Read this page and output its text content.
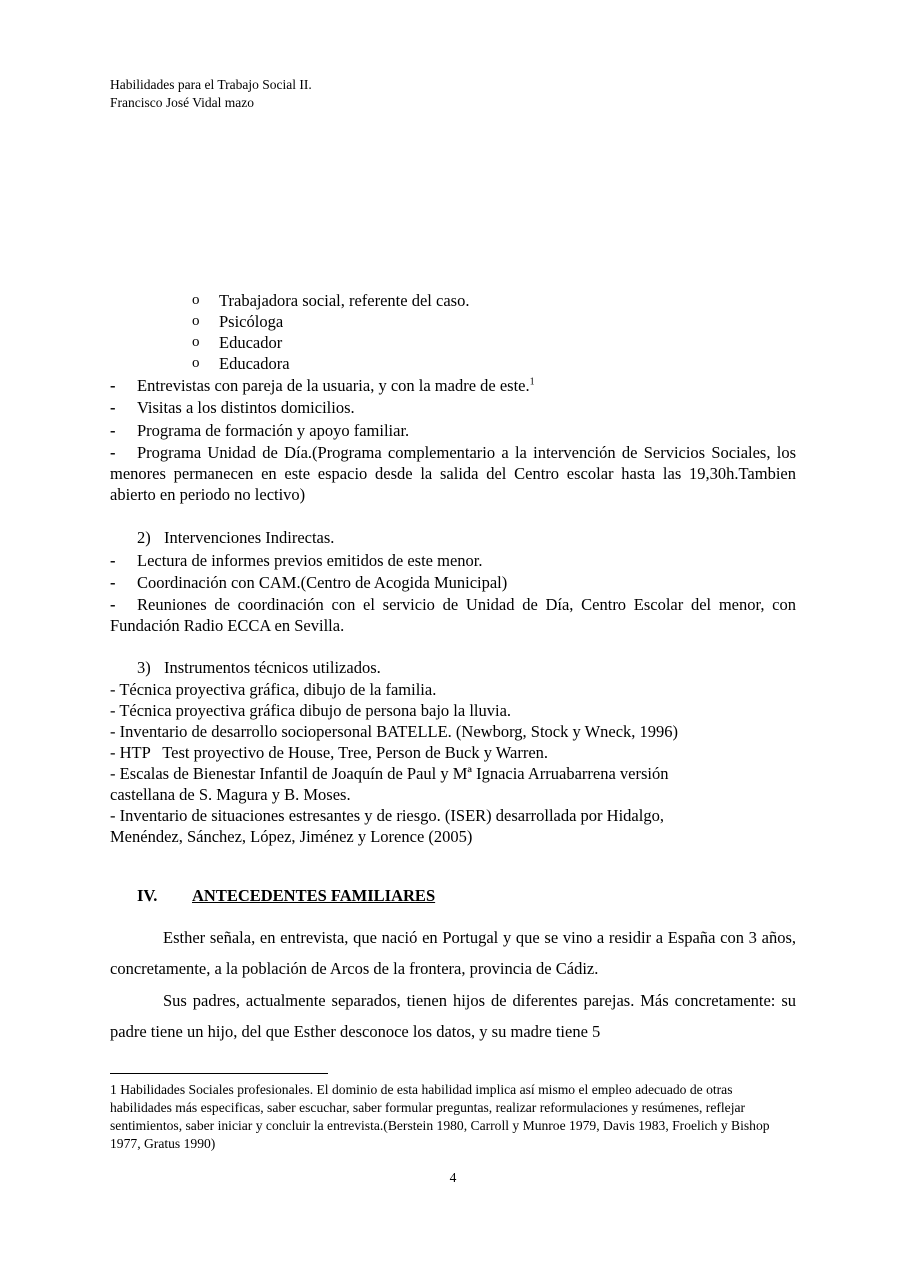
Habilidades para el Trabajo Social II.
Francisco José Vidal mazo
o	Trabajadora social, referente del caso.
o	Psicóloga
o	Educador
o	Educadora
- Entrevistas con pareja de la usuaria, y con la madre de este.$^1$
- Visitas a los distintos domicilios.
- Programa de formación y apoyo familiar.
- Programa Unidad de Día.(Programa complementario a la intervención de Servicios Sociales, los menores permanecen en este espacio desde la salida del Centro escolar hasta las 19,30h.Tambien abierto en periodo no lectivo)
2) Intervenciones Indirectas.
- Lectura de informes previos emitidos de este menor.
- Coordinación con CAM.(Centro de Acogida Municipal)
- Reuniones de coordinación con el servicio de Unidad de Día, Centro Escolar del menor, con Fundación Radio ECCA en Sevilla.
3) Instrumentos técnicos utilizados.
- Técnica proyectiva gráfica, dibujo de la familia.
- Técnica proyectiva gráfica dibujo de persona bajo la lluvia.
- Inventario de desarrollo sociopersonal BATELLE. (Newborg, Stock y Wneck, 1996)
- HTP   Test proyectivo de House, Tree, Person de Buck y Warren.
- Escalas de Bienestar Infantil de Joaquín de Paul y Mª Ignacia Arruabarrena versión
castellana de S. Magura y B. Moses.
- Inventario de situaciones estresantes y de riesgo. (ISER) desarrollada por Hidalgo,
Menéndez, Sánchez, López, Jiménez y Lorence (2005)
IV. ANTECEDENTES FAMILIARES
Esther señala, en entrevista, que nació en Portugal y que se vino a residir a España con 3 años, concretamente, a la población de Arcos de la frontera, provincia de Cádiz.
Sus padres, actualmente separados, tienen hijos de diferentes parejas. Más concretamente: su padre tiene un hijo, del que Esther desconoce los datos, y su madre tiene 5
1 Habilidades Sociales profesionales. El dominio de esta habilidad implica así mismo el empleo adecuado de otras habilidades más especificas, saber escuchar, saber formular preguntas, realizar reformulaciones y resúmenes, reflejar sentimientos, saber iniciar y concluir la entrevista.(Berstein 1980, Carroll y Munroe 1979, Davis 1983, Froelich y Bishop 1977, Gratus 1990)
4
